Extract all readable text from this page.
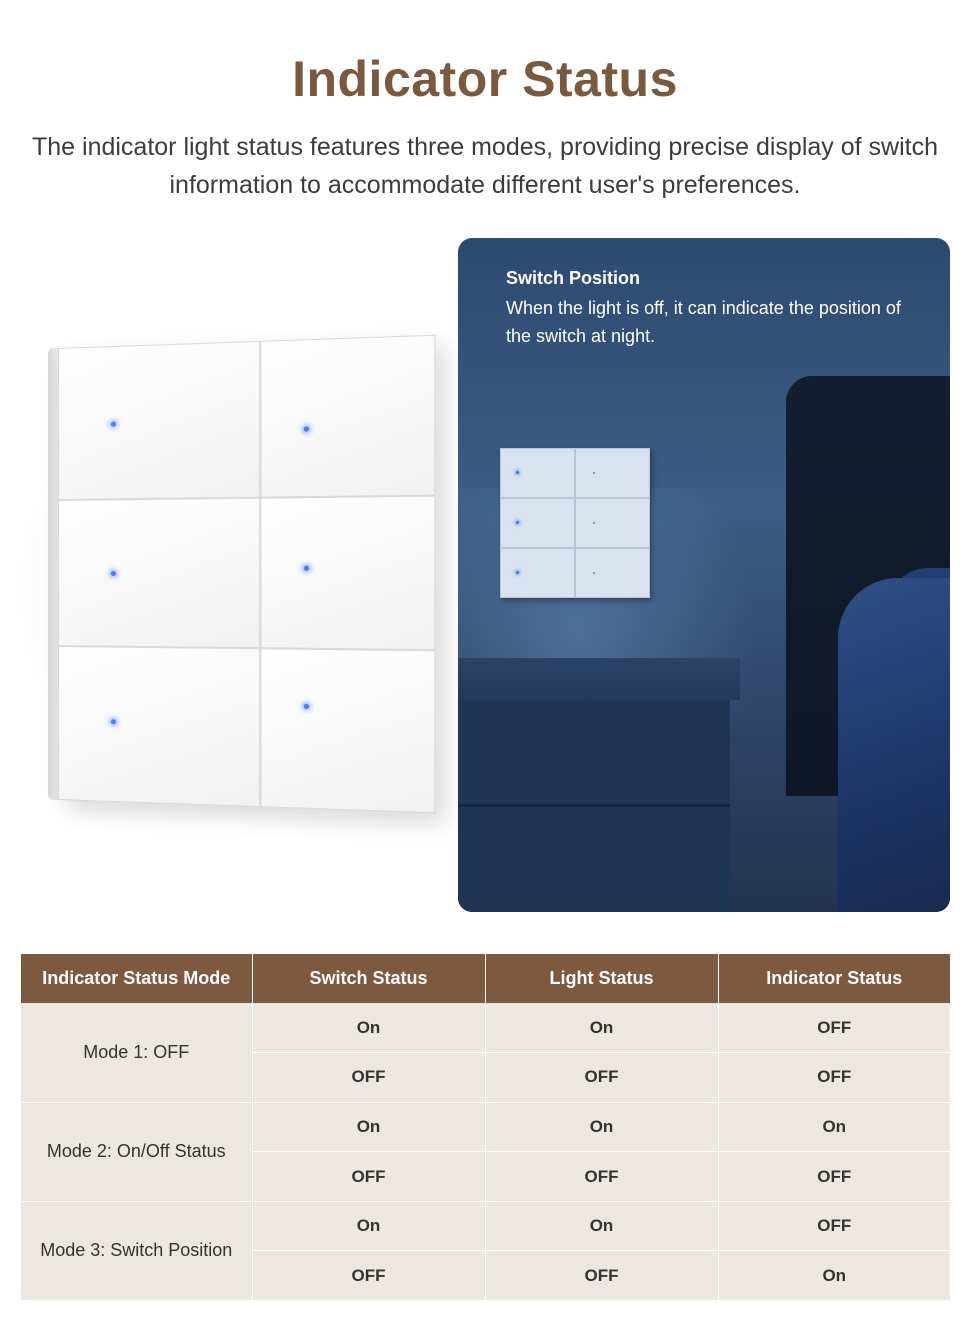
Indicator Status
The indicator light status features three modes, providing precise display of switch information to accommodate different user's preferences.
Switch Position
When the light is off, it can indicate the position of the switch at night.
Indicator Status Mode	Switch Status	Light Status	Indicator Status
Mode 1: OFF	On	On	OFF
	OFF	OFF	OFF
Mode 2: On/Off Status	On	On	On
	OFF	OFF	OFF
Mode 3: Switch Position	On	On	OFF
	OFF	OFF	On
